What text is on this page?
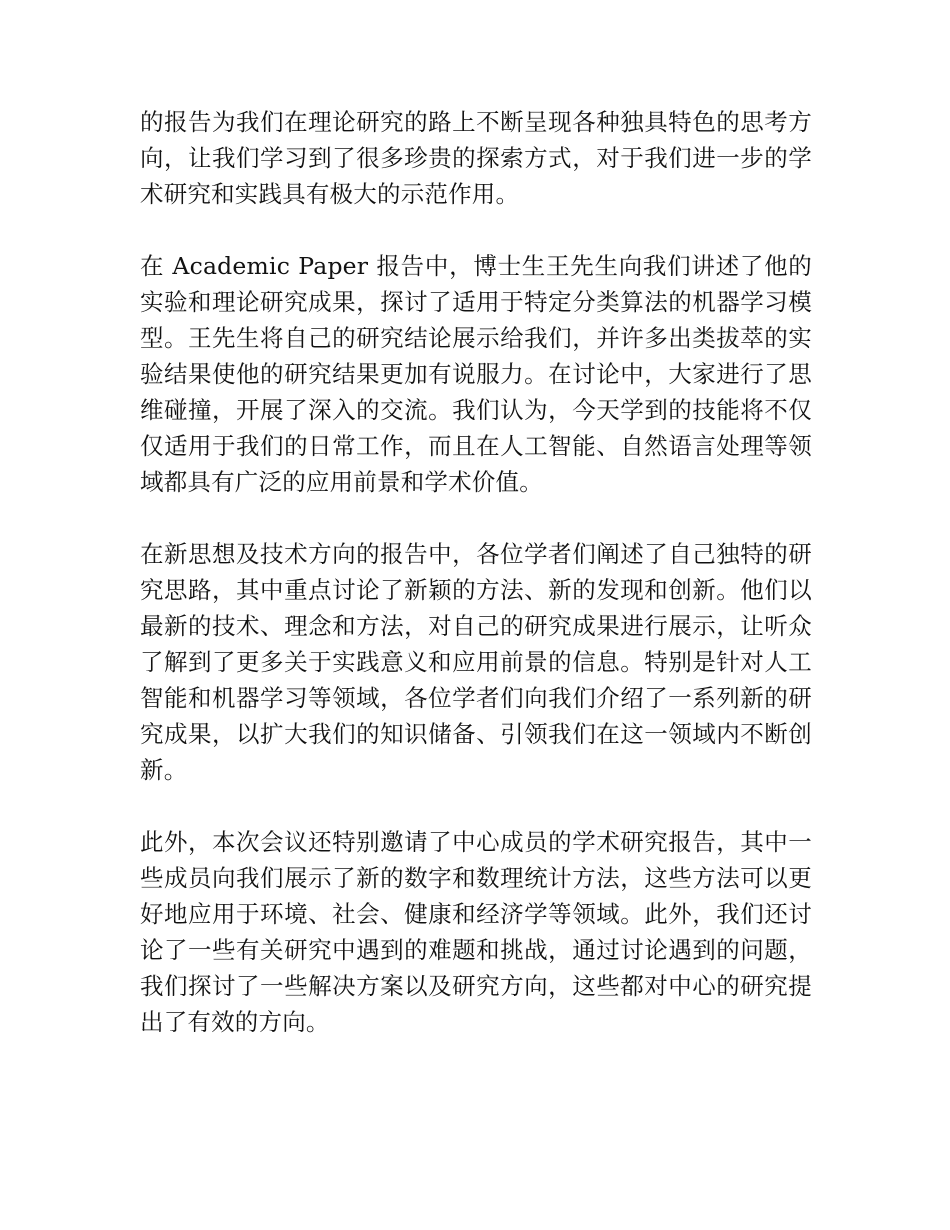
的报告为我们在理论研究的路上不断呈现各种独具特色的思考方向，让我们学习到了很多珍贵的探索方式，对于我们进一步的学术研究和实践具有极大的示范作用。

在 Academic Paper 报告中，博士生王先生向我们讲述了他的实验和理论研究成果，探讨了适用于特定分类算法的机器学习模型。王先生将自己的研究结论展示给我们，并许多出类拔萃的实验结果使他的研究结果更加有说服力。在讨论中，大家进行了思维碰撞，开展了深入的交流。我们认为，今天学到的技能将不仅仅适用于我们的日常工作，而且在人工智能、自然语言处理等领域都具有广泛的应用前景和学术价值。

在新思想及技术方向的报告中，各位学者们阐述了自己独特的研究思路，其中重点讨论了新颖的方法、新的发现和创新。他们以最新的技术、理念和方法，对自己的研究成果进行展示，让听众了解到了更多关于实践意义和应用前景的信息。特别是针对人工智能和机器学习等领域，各位学者们向我们介绍了一系列新的研究成果，以扩大我们的知识储备、引领我们在这一领域内不断创新。

此外，本次会议还特别邀请了中心成员的学术研究报告，其中一些成员向我们展示了新的数字和数理统计方法，这些方法可以更好地应用于环境、社会、健康和经济学等领域。此外，我们还讨论了一些有关研究中遇到的难题和挑战，通过讨论遇到的问题，我们探讨了一些解决方案以及研究方向，这些都对中心的研究提出了有效的方向。
